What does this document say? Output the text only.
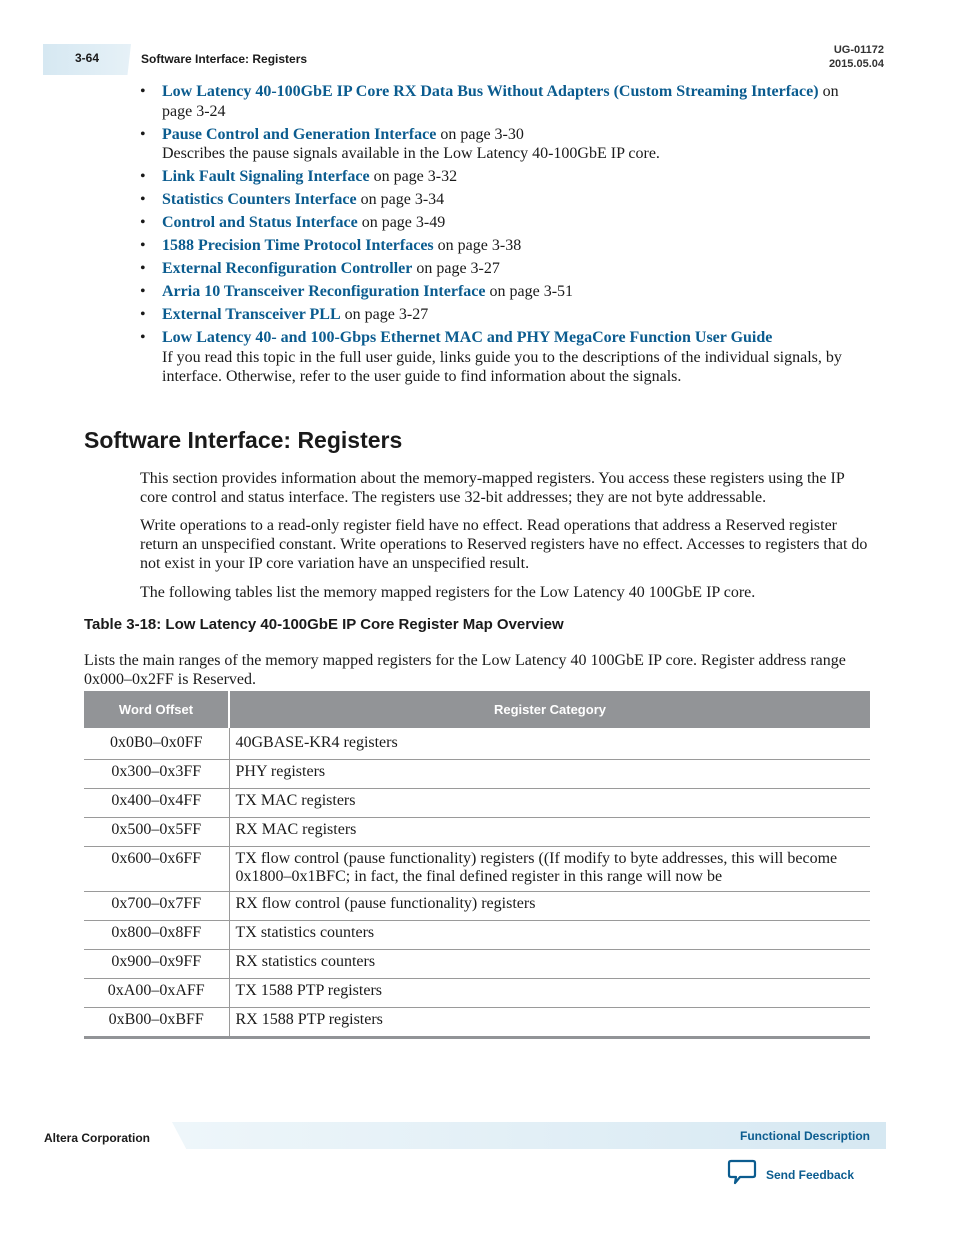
3-64	Software Interface: Registers
UG-01172
2015.05.04
• Low Latency 40-100GbE IP Core RX Data Bus Without Adapters (Custom Streaming Interface) on page 3-24
• Pause Control and Generation Interface on page 3-30
Describes the pause signals available in the Low Latency 40-100GbE IP core.
• Link Fault Signaling Interface on page 3-32
• Statistics Counters Interface on page 3-34
• Control and Status Interface on page 3-49
• 1588 Precision Time Protocol Interfaces on page 3-38
• External Reconfiguration Controller on page 3-27
• Arria 10 Transceiver Reconfiguration Interface on page 3-51
• External Transceiver PLL on page 3-27
• Low Latency 40- and 100-Gbps Ethernet MAC and PHY MegaCore Function User Guide
If you read this topic in the full user guide, links guide you to the descriptions of the individual signals, by interface. Otherwise, refer to the user guide to find information about the signals.
Software Interface: Registers

This section provides information about the memory-mapped registers. You access these registers using the IP core control and status interface. The registers use 32-bit addresses; they are not byte addressable.

Write operations to a read-only register field have no effect. Read operations that address a Reserved register return an unspecified constant. Write operations to Reserved registers have no effect. Accesses to registers that do not exist in your IP core variation have an unspecified result.

The following tables list the memory mapped registers for the Low Latency 40 100GbE IP core.

Table 3-18: Low Latency 40-100GbE IP Core Register Map Overview

Lists the main ranges of the memory mapped registers for the Low Latency 40 100GbE IP core. Register address range 0x000–0x2FF is Reserved.

Word Offset	Register Category
0x0B0–0x0FF	40GBASE-KR4 registers
0x300–0x3FF	PHY registers
0x400–0x4FF	TX MAC registers
0x500–0x5FF	RX MAC registers
0x600–0x6FF	TX flow control (pause functionality) registers ((If modify to byte addresses, this will become 0x1800–0x1BFC; in fact, the final defined register in this range will now be
0x700–0x7FF	RX flow control (pause functionality) registers
0x800–0x8FF	TX statistics counters
0x900–0x9FF	RX statistics counters
0xA00–0xAFF	TX 1588 PTP registers
0xB00–0xBFF	RX 1588 PTP registers
Altera Corporation	Functional Description
Send Feedback
